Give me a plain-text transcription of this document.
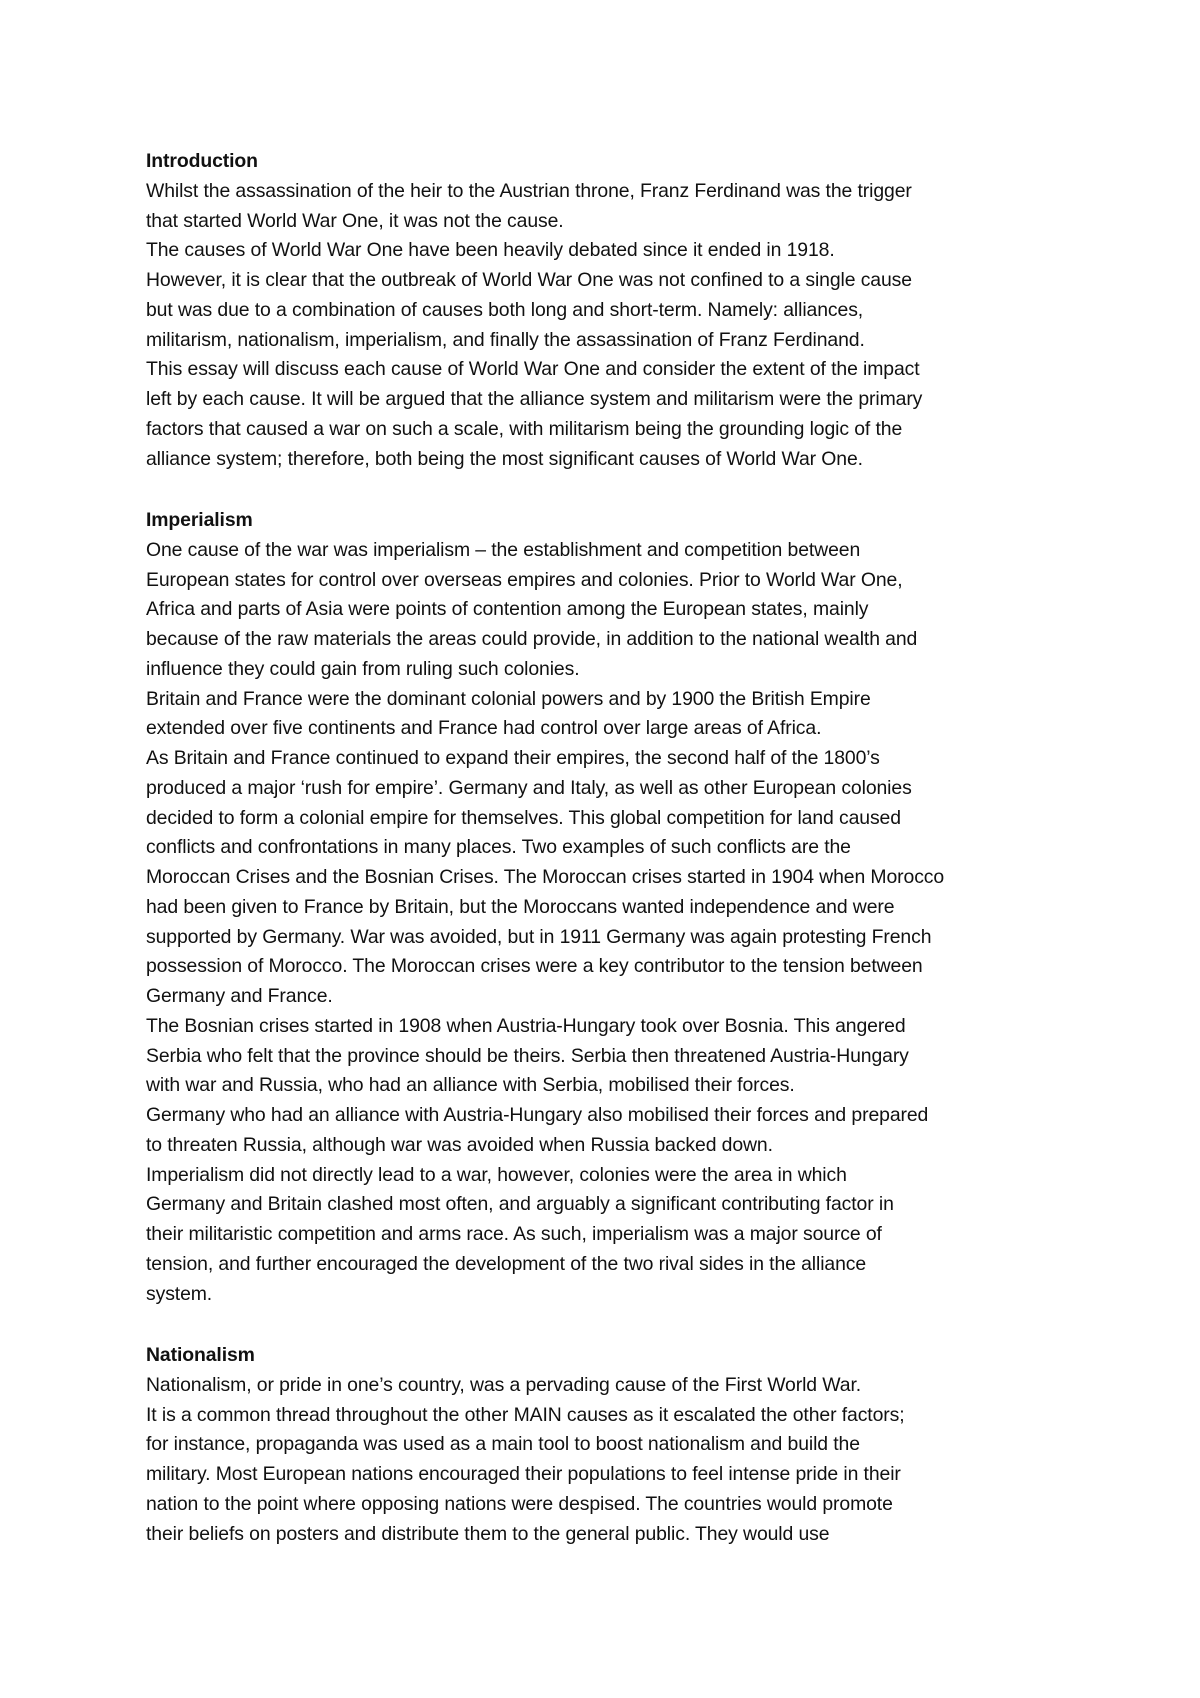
Introduction
Whilst the assassination of the heir to the Austrian throne, Franz Ferdinand was the trigger
that started World War One, it was not the cause.
The causes of World War One have been heavily debated since it ended in 1918.
However, it is clear that the outbreak of World War One was not confined to a single cause
but was due to a combination of causes both long and short-term. Namely: alliances,
militarism, nationalism, imperialism, and finally the assassination of Franz Ferdinand.
This essay will discuss each cause of World War One and consider the extent of the impact
left by each cause. It will be argued that the alliance system and militarism were the primary
factors that caused a war on such a scale, with militarism being the grounding logic of the
alliance system; therefore, both being the most significant causes of World War One.
Imperialism
One cause of the war was imperialism – the establishment and competition between
European states for control over overseas empires and colonies. Prior to World War One,
Africa and parts of Asia were points of contention among the European states, mainly
because of the raw materials the areas could provide, in addition to the national wealth and
influence they could gain from ruling such colonies.
Britain and France were the dominant colonial powers and by 1900 the British Empire
extended over five continents and France had control over large areas of Africa.
As Britain and France continued to expand their empires, the second half of the 1800’s
produced a major ‘rush for empire’. Germany and Italy, as well as other European colonies
decided to form a colonial empire for themselves. This global competition for land caused
conflicts and confrontations in many places. Two examples of such conflicts are the
Moroccan Crises and the Bosnian Crises. The Moroccan crises started in 1904 when Morocco
had been given to France by Britain, but the Moroccans wanted independence and were
supported by Germany. War was avoided, but in 1911 Germany was again protesting French
possession of Morocco. The Moroccan crises were a key contributor to the tension between
Germany and France.
The Bosnian crises started in 1908 when Austria-Hungary took over Bosnia. This angered
Serbia who felt that the province should be theirs. Serbia then threatened Austria-Hungary
with war and Russia, who had an alliance with Serbia, mobilised their forces.
Germany who had an alliance with Austria-Hungary also mobilised their forces and prepared
to threaten Russia, although war was avoided when Russia backed down.
Imperialism did not directly lead to a war, however, colonies were the area in which
Germany and Britain clashed most often, and arguably a significant contributing factor in
their militaristic competition and arms race. As such, imperialism was a major source of
tension, and further encouraged the development of the two rival sides in the alliance
system.
Nationalism
Nationalism, or pride in one’s country, was a pervading cause of the First World War.
It is a common thread throughout the other MAIN causes as it escalated the other factors;
for instance, propaganda was used as a main tool to boost nationalism and build the
military. Most European nations encouraged their populations to feel intense pride in their
nation to the point where opposing nations were despised. The countries would promote
their beliefs on posters and distribute them to the general public. They would use
